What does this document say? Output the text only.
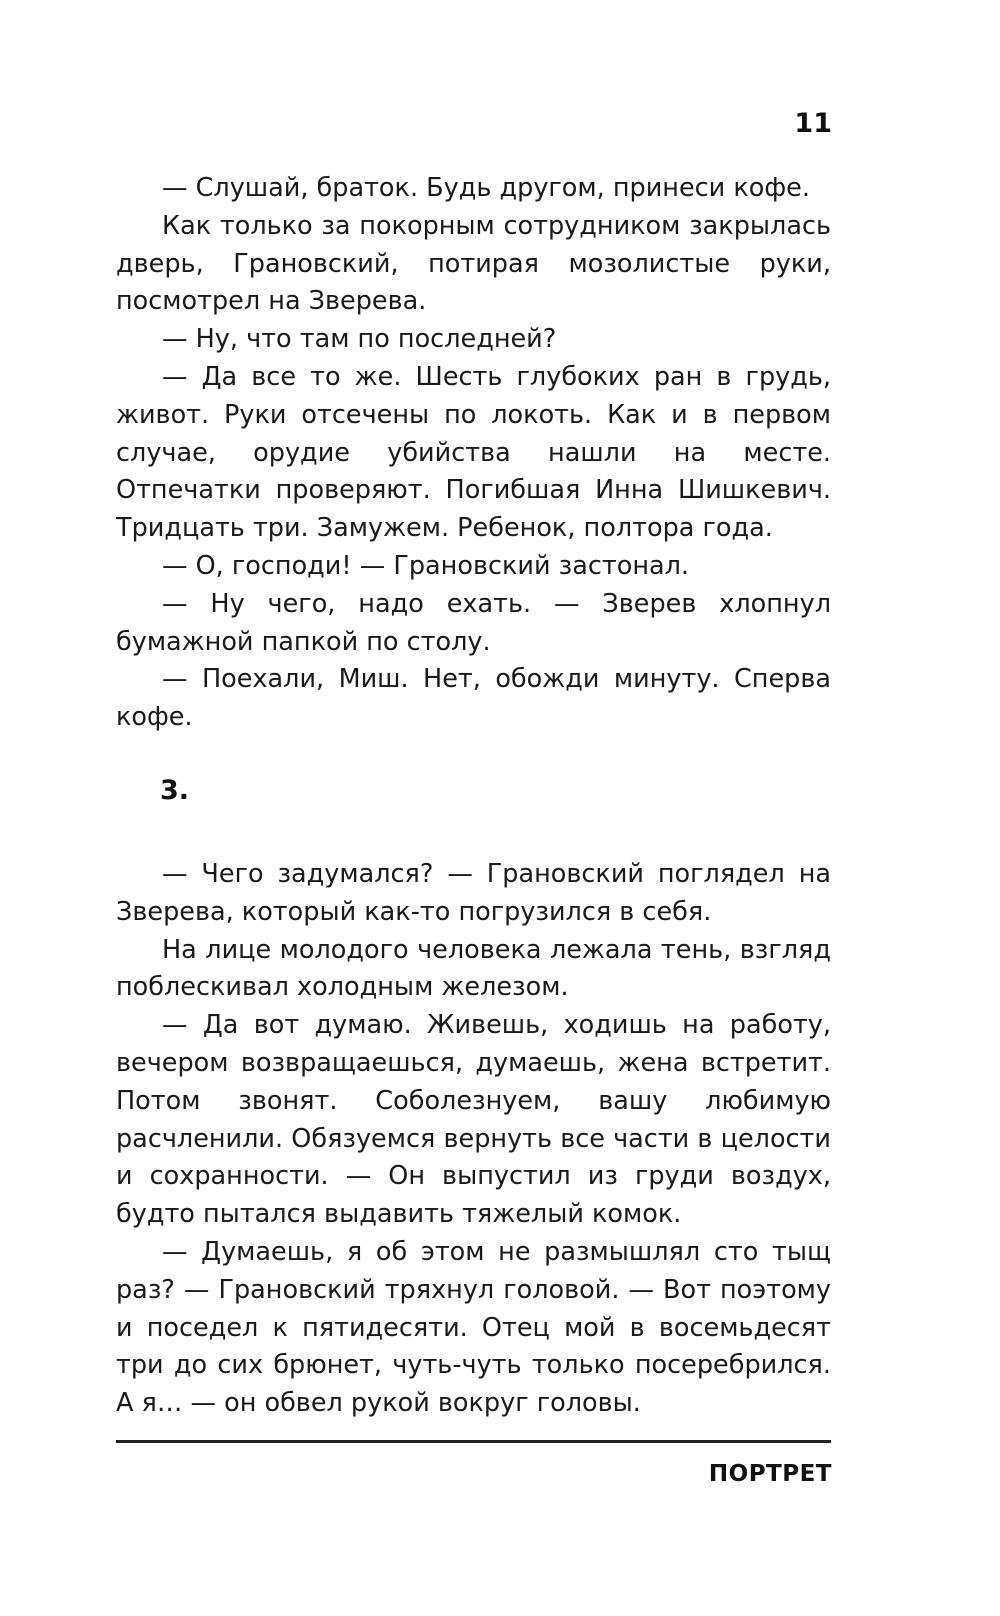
11

— Слушай, браток. Будь другом, принеси кофе.

Как только за покорным сотрудником закрылась дверь, Грановский, потирая мозолистые руки, посмотрел на Зверева.

— Ну, что там по последней?

— Да все то же. Шесть глубоких ран в грудь, живот. Руки отсечены по локоть. Как и в первом случае, орудие убийства нашли на месте. Отпечатки проверяют. Погибшая Инна Шишкевич. Тридцать три. Замужем. Ребенок, полтора года.

— О, господи! — Грановский застонал.

— Ну чего, надо ехать. — Зверев хлопнул бумажной папкой по столу.

— Поехали, Миш. Нет, обожди минуту. Сперва кофе.

3.

— Чего задумался? — Грановский поглядел на Зверева, который как-то погрузился в себя.

На лице молодого человека лежала тень, взгляд поблескивал холодным железом.

— Да вот думаю. Живешь, ходишь на работу, вечером возвращаешься, думаешь, жена встретит. Потом звонят. Соболезнуем, вашу любимую расчленили. Обязуемся вернуть все части в целости и сохранности. — Он выпустил из груди воздух, будто пытался выдавить тяжелый комок.

— Думаешь, я об этом не размышлял сто тыщ раз? — Грановский тряхнул головой. — Вот поэтому и поседел к пятидесяти. Отец мой в восемьдесят три до сих брюнет, чуть-чуть только посеребрился. А я… — он обвел рукой вокруг головы.

ПОРТРЕТ
